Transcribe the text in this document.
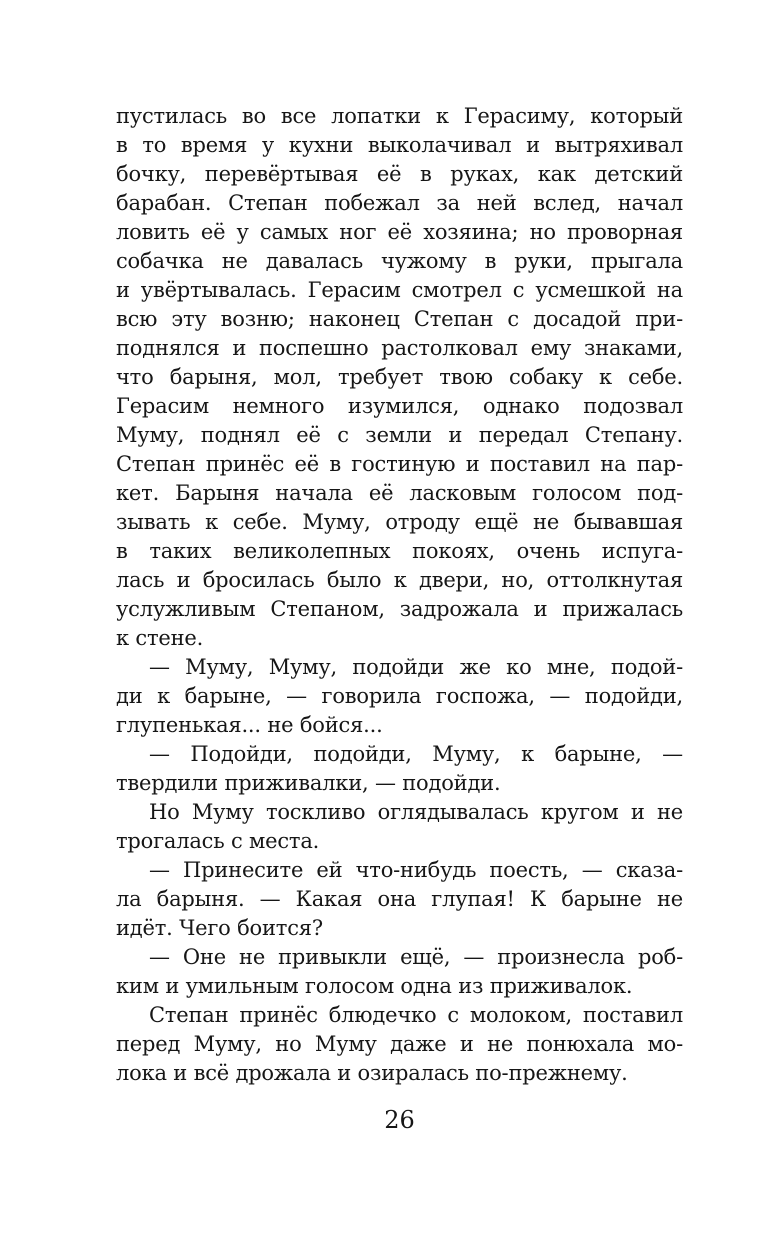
пустилась во все лопатки к Герасиму, который
в то время у кухни выколачивал и вытряхивал
бочку, перевёртывая её в руках, как детский
барабан. Степан побежал за ней вслед, начал
ловить её у самых ног её хозяина; но проворная
собачка не давалась чужому в руки, прыгала
и увёртывалась. Герасим смотрел с усмешкой на
всю эту возню; наконец Степан с досадой при-
поднялся и поспешно растолковал ему знаками,
что барыня, мол, требует твою собаку к себе.
Герасим немного изумился, однако подозвал
Муму, поднял её с земли и передал Степану.
Степан принёс её в гостиную и поставил на пар-
кет. Барыня начала её ласковым голосом под-
зывать к себе. Муму, отроду ещё не бывавшая
в таких великолепных покоях, очень испуга-
лась и бросилась было к двери, но, оттолкнутая
услужливым Степаном, задрожала и прижалась
к стене.
— Муму, Муму, подойди же ко мне, подой-
ди к барыне, — говорила госпожа, — подойди,
глупенькая... не бойся...
— Подойди, подойди, Муму, к барыне, —
твердили приживалки, — подойди.
Но Муму тоскливо оглядывалась кругом и не
трогалась с места.
— Принесите ей что-нибудь поесть, — сказа-
ла барыня. — Какая она глупая! К барыне не
идёт. Чего боится?
— Оне не привыкли ещё, — произнесла роб-
ким и умильным голосом одна из приживалок.
Степан принёс блюдечко с молоком, поставил
перед Муму, но Муму даже и не понюхала мо-
лока и всё дрожала и озиралась по-прежнему.
26
